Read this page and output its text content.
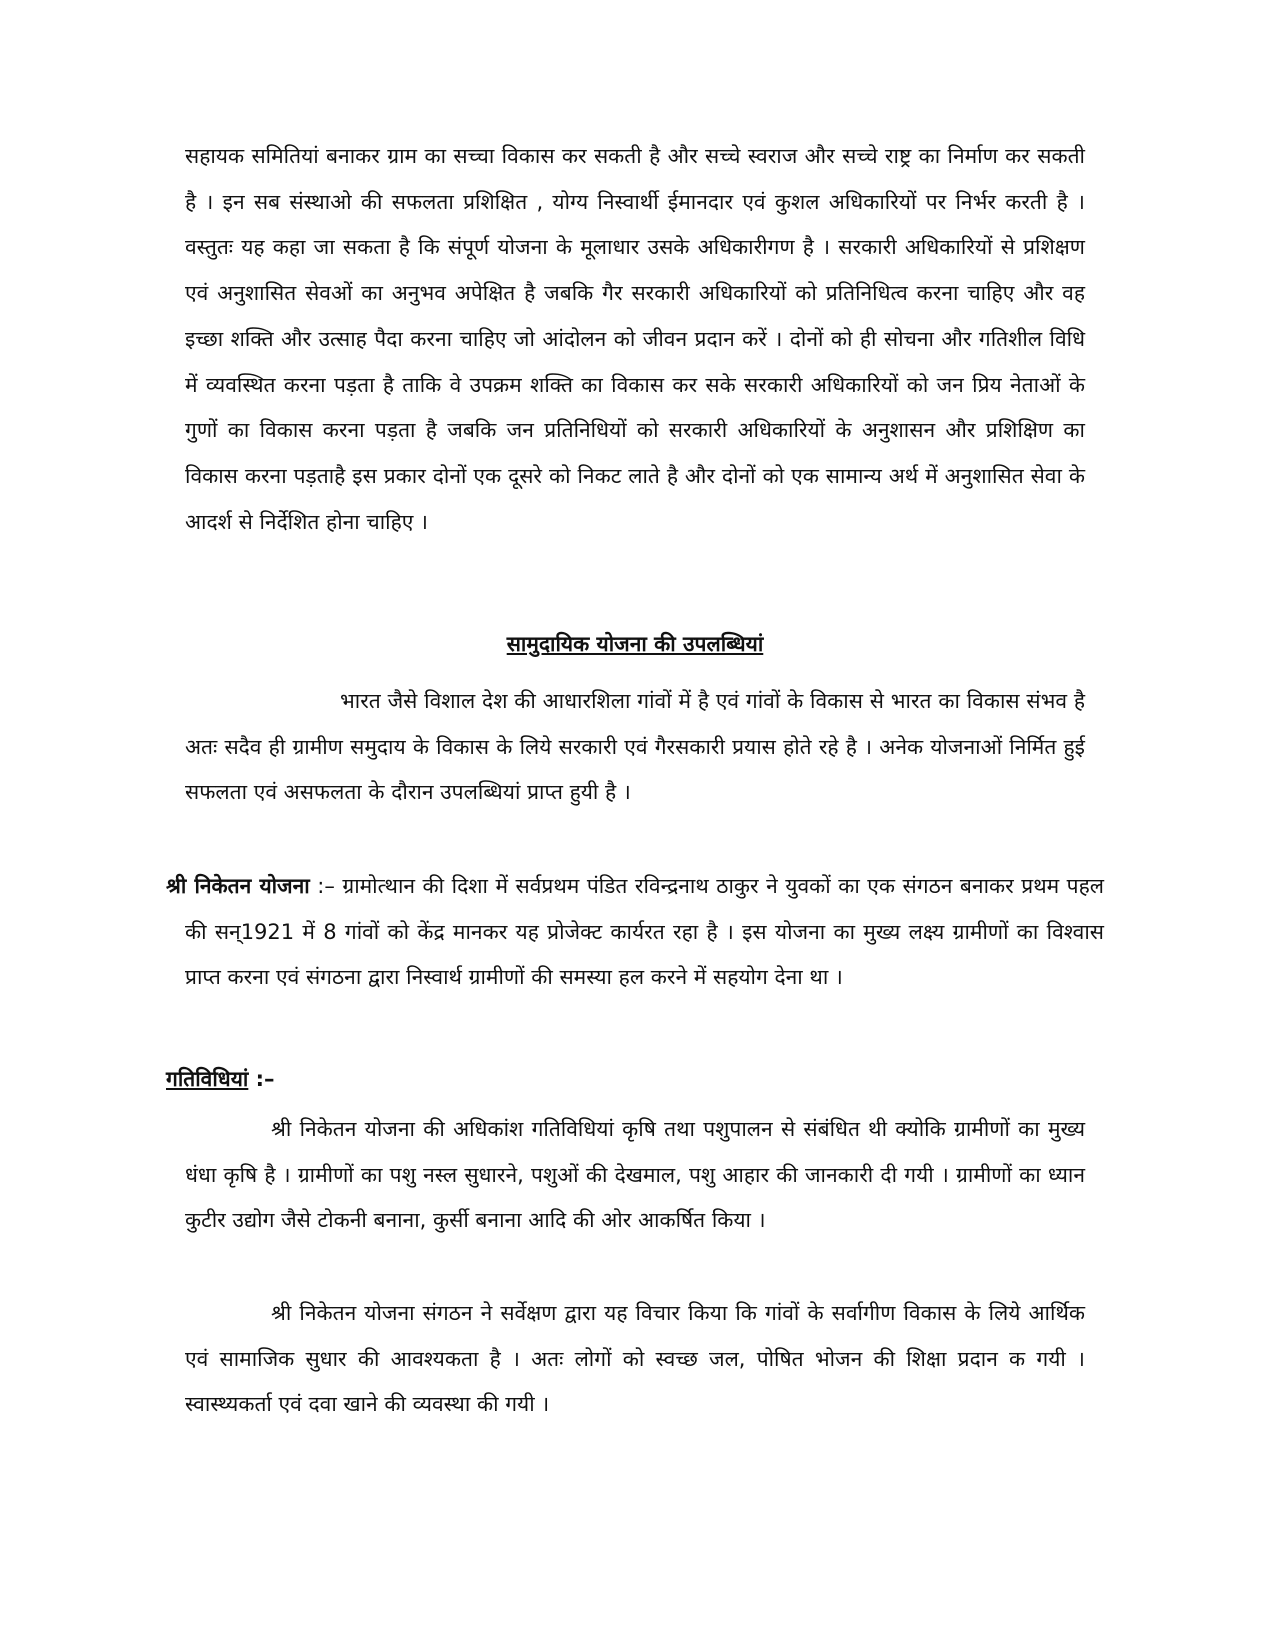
सहायक समितियां बनाकर ग्राम का सच्चा विकास कर सकती है और सच्चे स्वराज और सच्चे राष्ट्र का निर्माण कर सकती है । इन सब संस्थाओ की सफलता प्रशिक्षित , योग्य निस्वार्थी ईमानदार एवं कुशल अधिकारियों पर निर्भर करती है । वस्तुतः यह कहा जा सकता है कि संपूर्ण योजना के मूलाधार उसके अधिकारीगण है । सरकारी अधिकारियों से प्रशिक्षण एवं अनुशासित सेवओं का अनुभव अपेक्षित है जबकि गैर सरकारी अधिकारियों को प्रतिनिधित्व करना चाहिए और वह इच्छा शक्ति और उत्साह पैदा करना चाहिए जो आंदोलन को जीवन प्रदान करें । दोनों को ही सोचना और गतिशील विधि में व्यवस्थित करना पड़ता है ताकि वे उपक्रम शक्ति का विकास कर सके सरकारी अधिकारियों को जन प्रिय नेताओं के गुणों का विकास करना पड़ता है जबकि जन प्रतिनिधियों को सरकारी अधिकारियों के अनुशासन और प्रशिक्षिण का विकास करना पड़ताहै इस प्रकार दोनों एक दूसरे को निकट लाते है और दोनों को एक सामान्य अर्थ में अनुशासित सेवा के आदर्श से निर्देशित होना चाहिए ।

सामुदायिक योजना की उपलब्धियां

भारत जैसे विशाल देश की आधारशिला गांवों में है एवं गांवों के विकास से भारत का विकास संभव है अतः सदैव ही ग्रामीण समुदाय के विकास के लिये सरकारी एवं गैरसकारी प्रयास होते रहे है । अनेक योजनाओं निर्मित हुई सफलता एवं असफलता के दौरान उपलब्धियां प्राप्त हुयी है ।

श्री निकेतन योजना :– ग्रामोत्थान की दिशा में सर्वप्रथम पंडित रविन्द्रनाथ ठाकुर ने युवकों का एक संगठन बनाकर प्रथम पहल की सन्1921 में 8 गांवों को केंद्र मानकर यह प्रोजेक्ट कार्यरत रहा है । इस योजना का मुख्य लक्ष्य ग्रामीणों का विश्वास प्राप्त करना एवं संगठना द्वारा निस्वार्थ ग्रामीणों की समस्या हल करने में सहयोग देना था ।

गतिविधियां :–

श्री निकेतन योजना की अधिकांश गतिविधियां कृषि तथा पशुपालन से संबंधित थी क्योकि ग्रामीणों का मुख्य धंधा कृषि है । ग्रामीणों का पशु नस्ल सुधारने, पशुओं की देखमाल, पशु आहार की जानकारी दी गयी । ग्रामीणों का ध्यान कुटीर उद्योग जैसे टोकनी बनाना, कुर्सी बनाना आदि की ओर आकर्षित किया ।

श्री निकेतन योजना संगठन ने सर्वेक्षण द्वारा यह विचार किया कि गांवों के सर्वागीण विकास के लिये आर्थिक एवं सामाजिक सुधार की आवश्यकता है । अतः लोगों को स्वच्छ जल, पोषित भोजन की शिक्षा प्रदान क गयी । स्वास्थ्यकर्ता एवं दवा खाने की व्यवस्था की गयी ।
